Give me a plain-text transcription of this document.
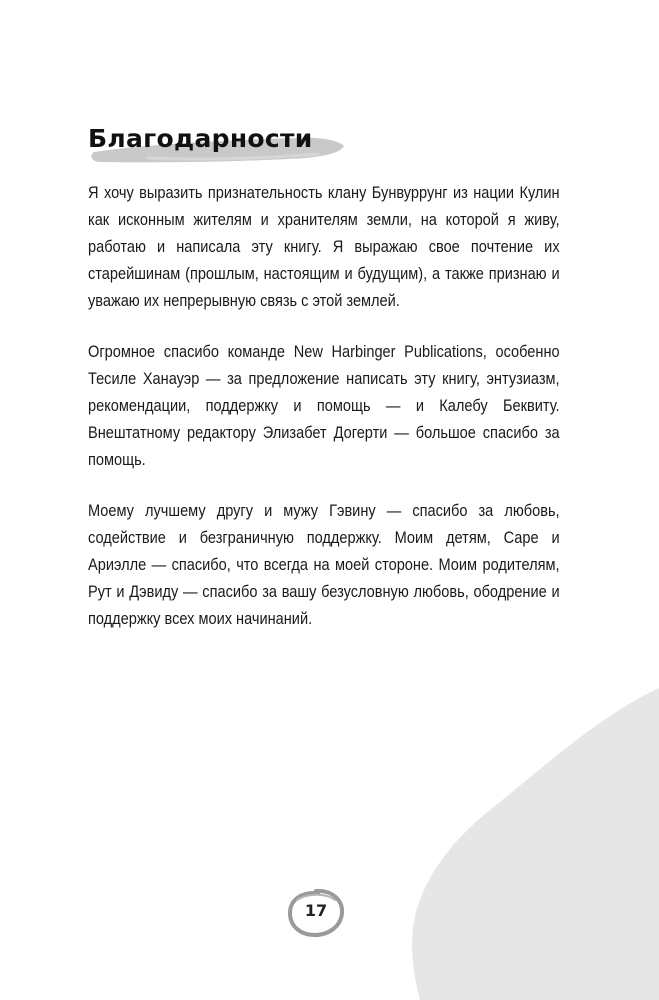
Благодарности

Я хочу выразить признательность клану Бунвуррунг из нации Кулин как исконным жителям и хранителям земли, на которой я живу, работаю и написала эту книгу. Я выражаю свое почтение их старейшинам (прошлым, настоящим и будущим), а также признаю и уважаю их непрерывную связь с этой землей.

Огромное спасибо команде New Harbinger Publications, особенно Тесиле Ханауэр — за предложение написать эту книгу, энтузиазм, рекомендации, поддержку и помощь — и Калебу Беквиту. Внештатному редактору Элизабет Догерти — большое спасибо за помощь.

Моему лучшему другу и мужу Гэвину — спасибо за любовь, содействие и безграничную поддержку. Моим детям, Саре и Ариэлле — спасибо, что всегда на моей стороне. Моим родителям, Рут и Дэвиду — спасибо за вашу безусловную любовь, ободрение и поддержку всех моих начинаний.

17
